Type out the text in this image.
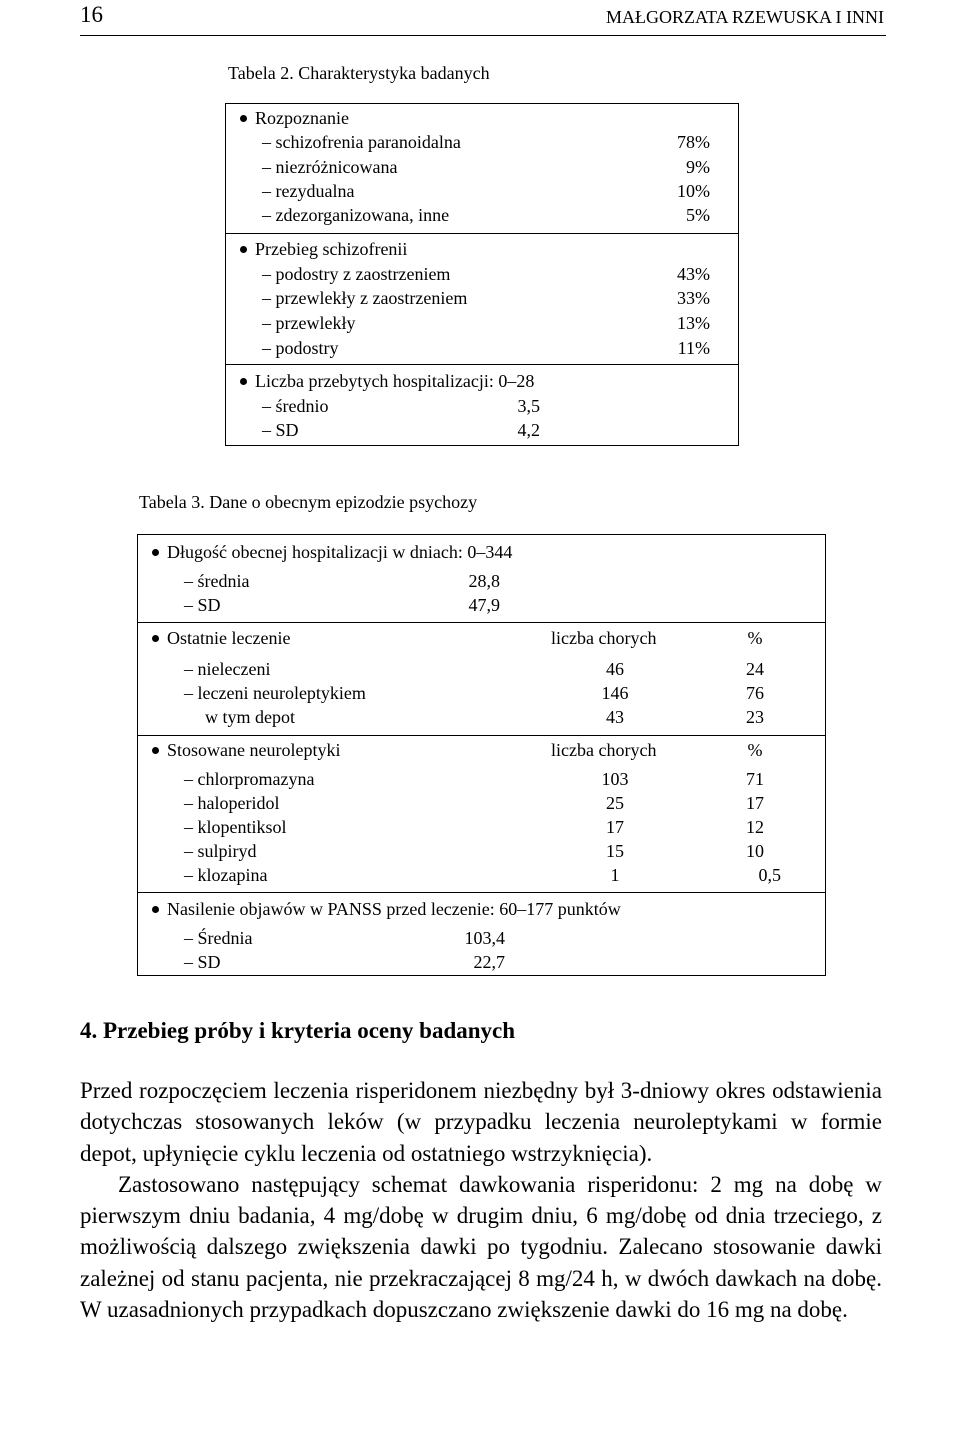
16	MAŁGORZATA RZEWUSKA I INNI
Tabela 2. Charakterystyka badanych
Rozpoznanie
– schizofrenia paranoidalna	78%
– niezróżnicowana	9%
– rezydualna	10%
– zdezorganizowana, inne	5%
Przebieg schizofrenii
– podostry z zaostrzeniem	43%
– przewlekły z zaostrzeniem	33%
– przewlekły	13%
– podostry	11%
Liczba przebytych hospitalizacji: 0–28
– średnio	3,5
– SD	4,2
Tabela 3. Dane o obecnym epizodzie psychozy
Długość obecnej hospitalizacji w dniach: 0–344
– średnia	28,8
– SD	47,9
Ostatnie leczenie	liczba chorych	%
– nieleczeni	46	24
– leczeni neuroleptykiem	146	76
w tym depot	43	23
Stosowane neuroleptyki	liczba chorych	%
– chlorpromazyna	103	71
– haloperidol	25	17
– klopentiksol	17	12
– sulpiryd	15	10
– klozapina	1	0,5
Nasilenie objawów w PANSS przed leczenie: 60–177 punktów
– Średnia	103,4
– SD	22,7
4. Przebieg próby i kryteria oceny badanych

Przed rozpoczęciem leczenia risperidonem niezbędny był 3-dniowy okres odstawienia dotychczas stosowanych leków (w przypadku leczenia neuroleptykami w formie depot, upłynięcie cyklu leczenia od ostatniego wstrzyknięcia).

Zastosowano następujący schemat dawkowania risperidonu: 2 mg na dobę w pierwszym dniu badania, 4 mg/dobę w drugim dniu, 6 mg/dobę od dnia trzeciego, z możliwością dalszego zwiększenia dawki po tygodniu. Zalecano stosowanie dawki zależnej od stanu pacjenta, nie przekraczającej 8 mg/24 h, w dwóch dawkach na dobę. W uzasadnionych przypadkach dopuszczano zwiększenie dawki do 16 mg na dobę.
